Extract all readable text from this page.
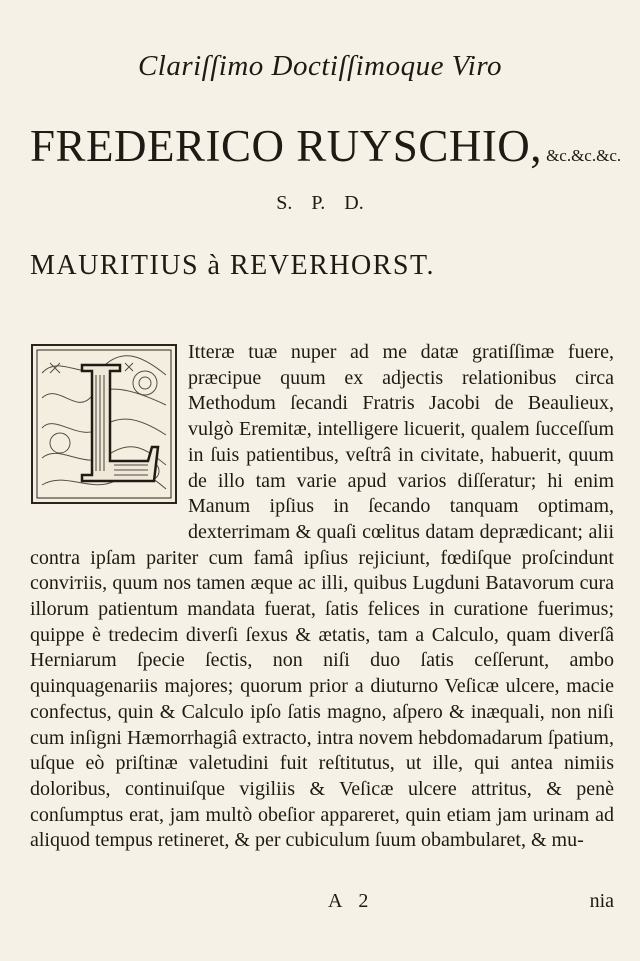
Clariſſimo Doctiſſimoque Viro
FREDERICO RUYSCHIO, &c.&c.&c.
S. P. D.
MAURITIUS à REVERHORST.

Itteræ tuæ nuper ad me datæ gratiſſimæ fuere, præcipue quum ex adjectis relationibus circa Methodum ſecandi Fratris Jacobi de Beaulieux, vulgò Eremitæ, intelligere licuerit, qualem ſucceſſum in ſuis patientibus, veſtrâ in civitate, habuerit, quum de illo tam varie apud varios diſſeratur; hi enim Manum ipſius in ſecando tanquam optimam, dexterrimam & quaſi cœlitus datam deprædicant; alii contra ipſam pariter cum famâ ipſius rejiciunt, fœdiſque proſcindunt conviтiis, quum nos tamen æque ac illi, quibus Lugduni Batavorum cura illorum patientum mandata fuerat, ſatis felices in curatione fuerimus; quippe è tredecim diverſi ſexus & ætatis, tam a Calculo, quam diverſâ Herniarum ſpecie ſectis, non niſi duo ſatis ceſſerunt, ambo quinquagenariis majores; quorum prior a diuturno Veſicæ ulcere, macie confectus, quin & Calculo ipſo ſatis magno, aſpero & inæquali, non niſi cum inſigni Hæmorrhagiâ extracto, intra novem hebdomadarum ſpatium, uſque eò priſtinæ valetudini fuit reſtitutus, ut ille, qui antea nimiis doloribus, continuiſque vigiliis & Veſicæ ulcere attritus, & penè conſumptus erat, jam multò obeſior appareret, quin etiam jam urinam ad aliquod tempus retineret, & per cubiculum ſuum obambularet, & mu-

A 2	nia
